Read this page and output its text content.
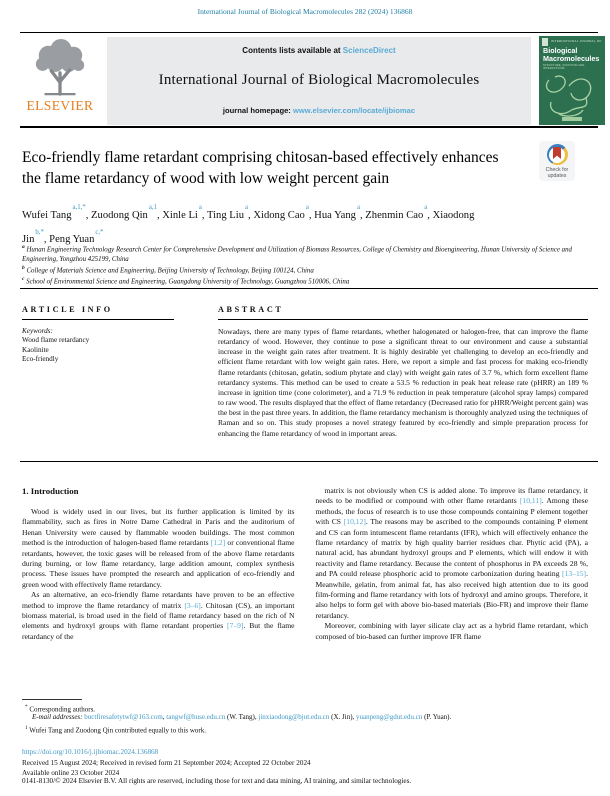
International Journal of Biological Macromolecules 282 (2024) 136868
ELSEVIER
Contents lists available at ScienceDirect
International Journal of Biological Macromolecules
journal homepage: www.elsevier.com/locate/ijbiomac
INTERNATIONAL JOURNAL OF
Biological
Macromolecules
STRUCTURE, FUNCTION AND INTERACTIONS
Eco-friendly flame retardant comprising chitosan-based effectively enhances the flame retardancy of wood with low weight percent gain	Check for updates
Wufei Tang$^{a,1,*}$, Zuodong Qin$^{a,1}$, Xinle Li$^a$, Ting Liu$^a$, Xidong Cao$^a$, Hua Yang$^a$, Zhenmin Cao$^a$, Xiaodong Jin$^{b,*}$, Peng Yuan$^{c,*}$
$^a$ Hunan Engineering Technology Research Center for Comprehensive Development and Utilization of Biomass Resources, College of Chemistry and Bioengineering, Hunan University of Science and Engineering, Yongzhou 425199, China
$^b$ College of Materials Science and Engineering, Beijing University of Technology, Beijing 100124, China
$^c$ School of Environmental Science and Engineering, Guangdong University of Technology, Guangzhou 510006, China
ARTICLE INFO
Keywords:
Wood flame retardancy
Kaolinite
Eco-friendly
ABSTRACT
Nowadays, there are many types of flame retardants, whether halogenated or halogen-free, that can improve the flame retardancy of wood. However, they continue to pose a significant threat to our environment and cause a substantial increase in the weight gain rates after treatment. It is highly desirable yet challenging to develop an eco-friendly and efficient flame retardant with low weight gain rates. Here, we report a simple and fast process for making eco-friendly flame retardants (chitosan, gelatin, sodium phytate and clay) with weight gain rates of 3.7 %, which form excellent flame retardancy systems. This method can be used to create a 53.5 % reduction in peak heat release rate (pHRR) an 189 % increase in ignition time (cone colorimeter), and a 71.9 % reduction in peak temperature (alcohol spray lamps) compared to raw wood. The results displayed that the effect of flame retardancy (Decreased ratio for pHRR/Weight percent gain) was the best in the past three years. In addition, the flame retardancy mechanism is thoroughly analyzed using the techniques of Raman and so on. This study proposes a novel strategy featured by eco-friendly and simple preparation process for enhancing the flame retardancy of wood in important areas.
1. Introduction

Wood is widely used in our lives, but its further application is limited by its flammability, such as fires in Notre Dame Cathedral in Paris and the auditorium of Henan University were caused by flammable wooden buildings. The most common method is the introduction of halogen-based flame retardants [1,2] or conventional flame retardants, however, the toxic gases will be released from of the above flame retardants during burning, or low flame retardancy, large addition amount, complex synthesis process. These issues have prompted the research and application of eco-friendly and green wood with effectively flame retardancy.

As an alternative, an eco-friendly flame retardants have proven to be an effective method to improve the flame retardancy of matrix [3–6]. Chitosan (CS), an important biomass material, is broad used in the field of flame retardancy based on the rich of N elements and hydroxyl groups with flame retardant properties [7–9]. But the flame retardancy of the

matrix is not obviously when CS is added alone. To improve its flame retardancy, it needs to be modified or compound with other flame retardants [10,11]. Among these methods, the focus of research is to use those compounds containing P element together with CS [10,12]. The reasons may be ascribed to the compounds containing P element and CS can form intumescent flame retardants (IFR), which will effectively enhance the flame retardancy of matrix by high quality barrier residues char. Phytic acid (PA), a natural acid, has abundant hydroxyl groups and P elements, which will endow it with reactivity and flame retardancy. Because the content of phosphorus in PA exceeds 28 %, and PA could release phosphoric acid to promote carbonization during heating [13–15]. Meanwhile, gelatin, from animal fat, has also received high attention due to its good film-forming and flame retardancy with lots of hydroxyl and amino groups. Therefore, it also helps to form gel with above bio-based materials (Bio-FR) and improve their flame retardancy.

Moreover, combining with layer silicate clay act as a hybrid flame retardant, which composed of bio-based can further improve IFR flame

* Corresponding authors.
E-mail addresses: buctfiresafetytwf@163.com, tangwf@huse.edu.cn (W. Tang), jinxiaodong@bjut.edu.cn (X. Jin), yuanpeng@gdut.edu.cn (P. Yuan).
$^1$ Wufei Tang and Zuodong Qin contributed equally to this work.
https://doi.org/10.1016/j.ijbiomac.2024.136868
Received 15 August 2024; Received in revised form 21 September 2024; Accepted 22 October 2024
Available online 23 October 2024
0141-8130/© 2024 Elsevier B.V. All rights are reserved, including those for text and data mining, AI training, and similar technologies.
